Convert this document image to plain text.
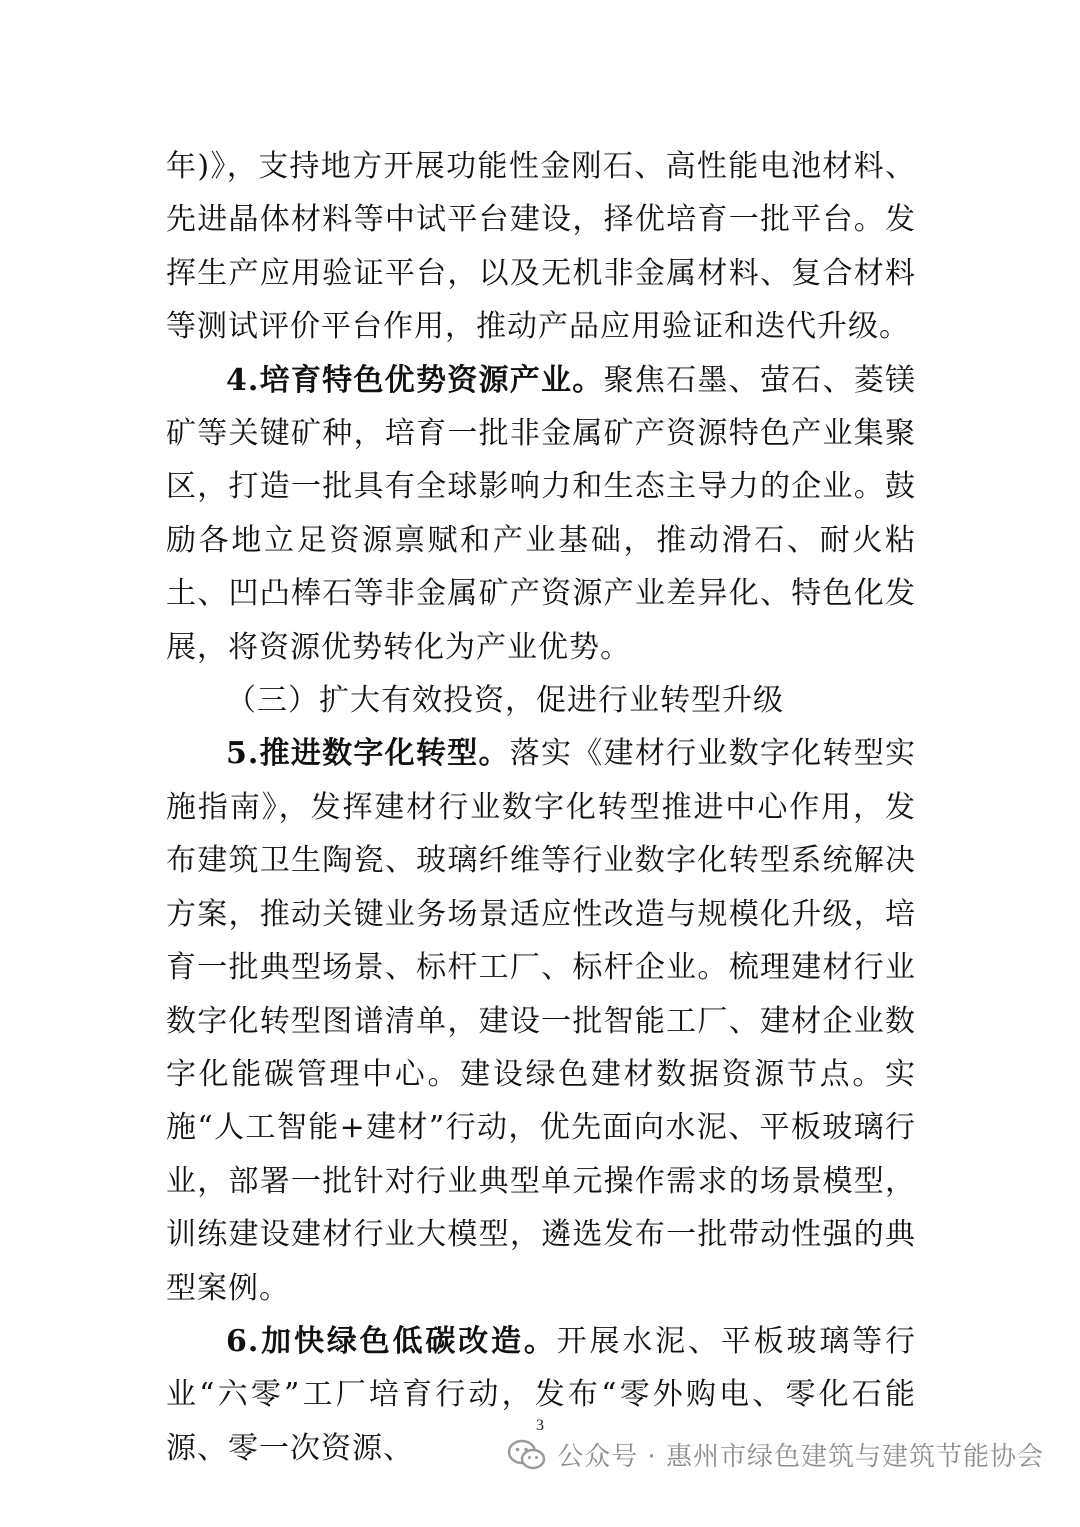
年)》，支持地方开展功能性金刚石、高性能电池材料、先进晶体材料等中试平台建设，择优培育一批平台。发挥生产应用验证平台，以及无机非金属材料、复合材料等测试评价平台作用，推动产品应用验证和迭代升级。

4.培育特色优势资源产业。聚焦石墨、萤石、菱镁矿等关键矿种，培育一批非金属矿产资源特色产业集聚区，打造一批具有全球影响力和生态主导力的企业。鼓励各地立足资源禀赋和产业基础，推动滑石、耐火粘土、凹凸棒石等非金属矿产资源产业差异化、特色化发展，将资源优势转化为产业优势。

（三）扩大有效投资，促进行业转型升级

5.推进数字化转型。落实《建材行业数字化转型实施指南》，发挥建材行业数字化转型推进中心作用，发布建筑卫生陶瓷、玻璃纤维等行业数字化转型系统解决方案，推动关键业务场景适应性改造与规模化升级，培育一批典型场景、标杆工厂、标杆企业。梳理建材行业数字化转型图谱清单，建设一批智能工厂、建材企业数字化能碳管理中心。建设绿色建材数据资源节点。实施“人工智能+建材”行动，优先面向水泥、平板玻璃行业，部署一批针对行业典型单元操作需求的场景模型，训练建设建材行业大模型，遴选发布一批带动性强的典型案例。

6.加快绿色低碳改造。开展水泥、平板玻璃等行业“六零”工厂培育行动，发布“零外购电、零化石能源、零一次资源、

3
公众号 · 惠州市绿色建筑与建筑节能协会
